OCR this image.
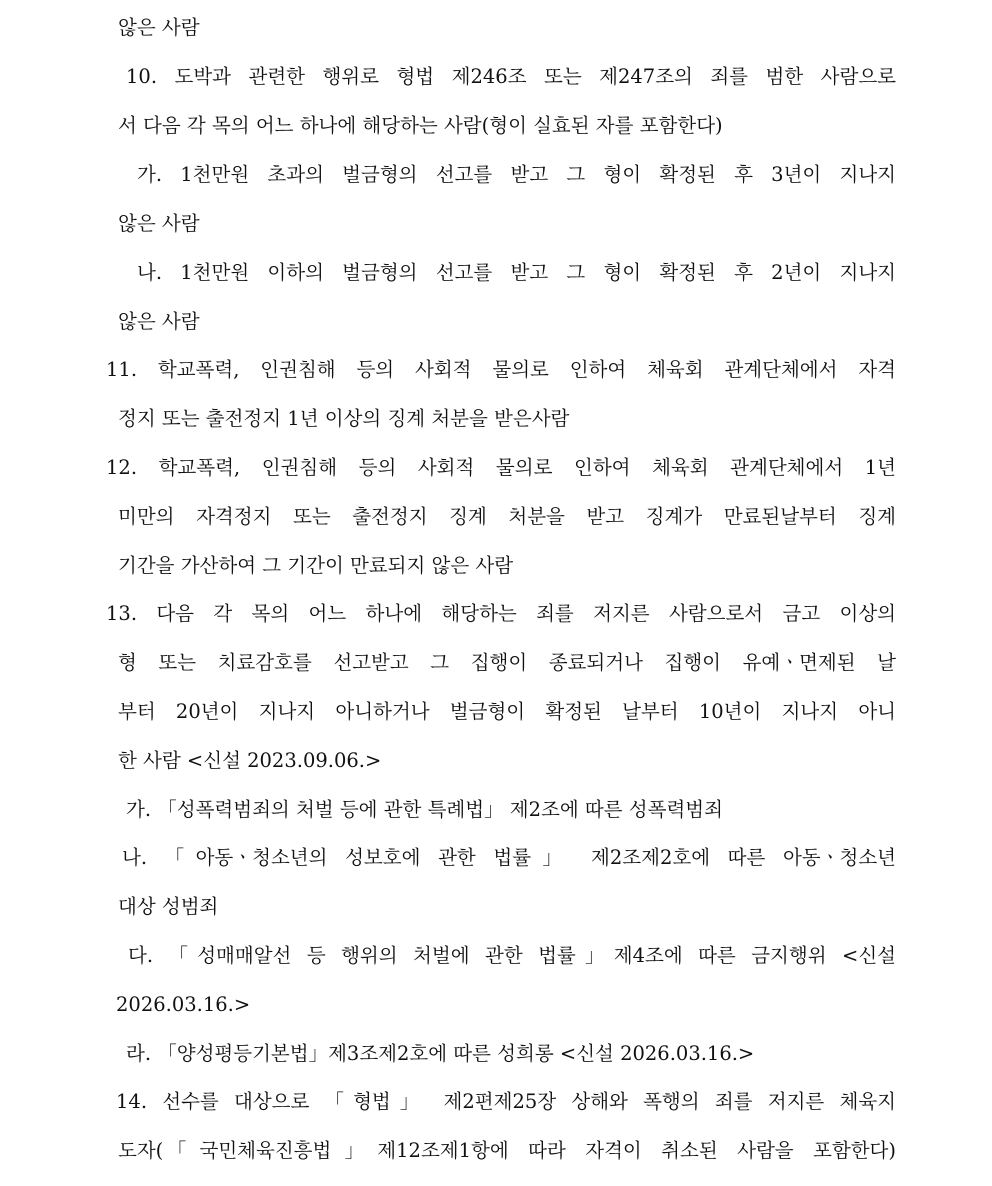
않은 사람
10. 도박과 관련한 행위로 형법 제246조 또는 제247조의 죄를 범한 사람으로
서 다음 각 목의 어느 하나에 해당하는 사람(형이 실효된 자를 포함한다)
가. 1천만원 초과의 벌금형의 선고를 받고 그 형이 확정된 후 3년이 지나지
않은 사람
나. 1천만원 이하의 벌금형의 선고를 받고 그 형이 확정된 후 2년이 지나지
않은 사람
11. 학교폭력, 인권침해 등의 사회적 물의로 인하여 체육회 관계단체에서 자격
정지 또는 출전정지 1년 이상의 징계 처분을 받은사람
12. 학교폭력, 인권침해 등의 사회적 물의로 인하여 체육회 관계단체에서 1년
미만의 자격정지 또는 출전정지 징계 처분을 받고 징계가 만료된날부터 징계
기간을 가산하여 그 기간이 만료되지 않은 사람
13. 다음 각 목의 어느 하나에 해당하는 죄를 저지른 사람으로서 금고 이상의
형 또는 치료감호를 선고받고 그 집행이 종료되거나 집행이 유예ㆍ면제된 날
부터 20년이 지나지 아니하거나 벌금형이 확정된 날부터 10년이 지나지 아니
한 사람 <신설 2023.09.06.>
가. 「성폭력범죄의 처벌 등에 관한 특례법」 제2조에 따른 성폭력범죄
나. 「아동ㆍ청소년의 성보호에 관한 법률」 제2조제2호에 따른 아동ㆍ청소년
대상 성범죄
다. 「성매매알선 등 행위의 처벌에 관한 법률」제4조에 따른 금지행위 <신설
2026.03.16.>
라. 「양성평등기본법」제3조제2호에 따른 성희롱 <신설 2026.03.16.>
14. 선수를 대상으로 「형법」 제2편제25장 상해와 폭행의 죄를 저지른 체육지
도자(「국민체육진흥법」제12조제1항에 따라 자격이 취소된 사람을 포함한다)
